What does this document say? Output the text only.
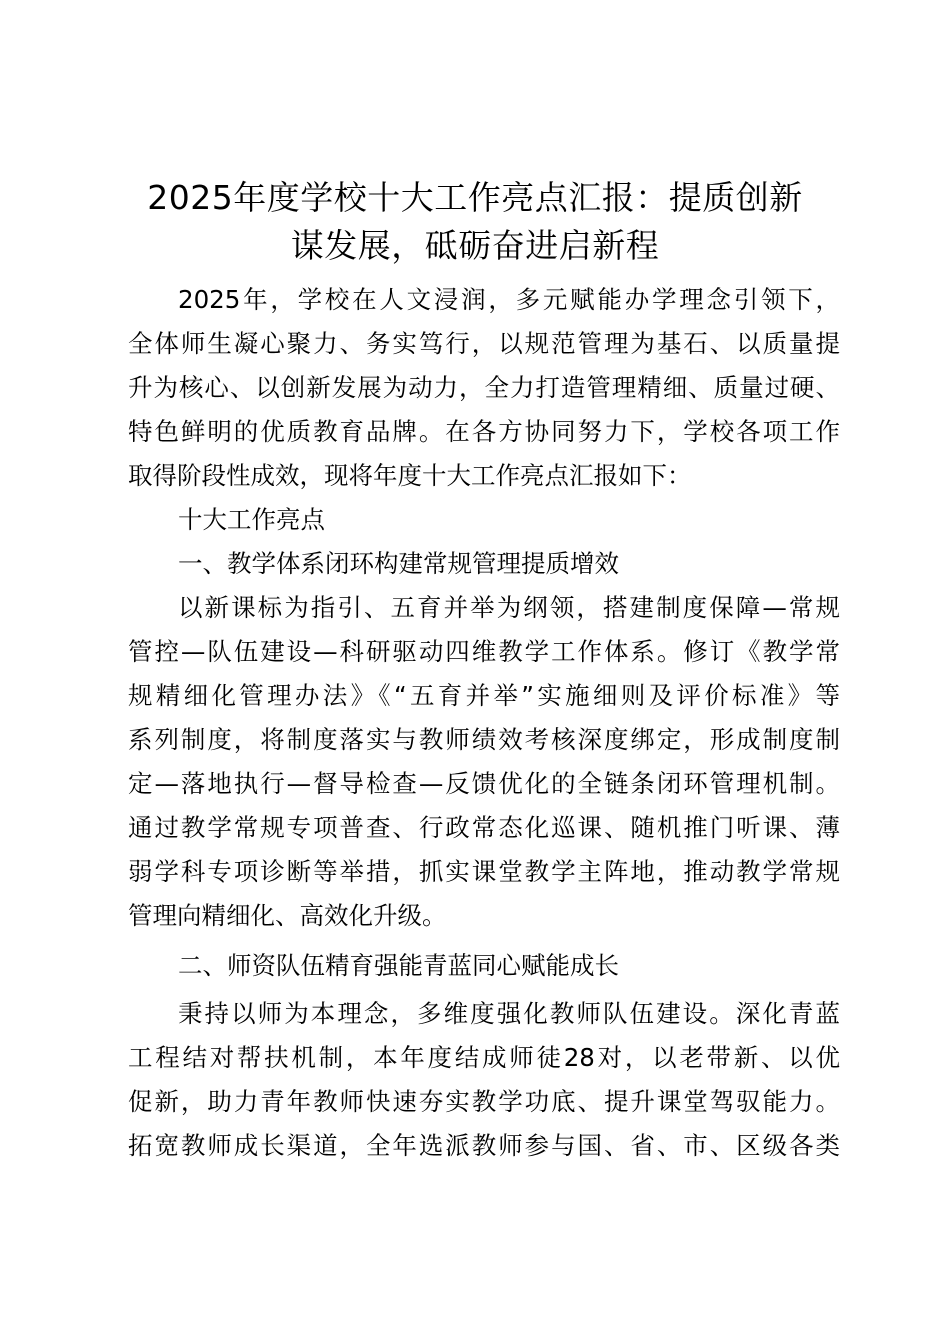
2025年度学校十大工作亮点汇报：提质创新
谋发展，砥砺奋进启新程

2025年，学校在人文浸润，多元赋能办学理念引领下，

全体师生凝心聚力、务实笃行，以规范管理为基石、以质量提

升为核心、以创新发展为动力，全力打造管理精细、质量过硬、

特色鲜明的优质教育品牌。在各方协同努力下，学校各项工作

取得阶段性成效，现将年度十大工作亮点汇报如下：

十大工作亮点

一、教学体系闭环构建常规管理提质增效

以新课标为指引、五育并举为纲领，搭建制度保障—常规

管控—队伍建设—科研驱动四维教学工作体系。修订《教学常

规精细化管理办法》《“五育并举”实施细则及评价标准》等

系列制度，将制度落实与教师绩效考核深度绑定，形成制度制

定—落地执行—督导检查—反馈优化的全链条闭环管理机制。

通过教学常规专项普查、行政常态化巡课、随机推门听课、薄

弱学科专项诊断等举措，抓实课堂教学主阵地，推动教学常规

管理向精细化、高效化升级。

二、师资队伍精育强能青蓝同心赋能成长

秉持以师为本理念，多维度强化教师队伍建设。深化青蓝

工程结对帮扶机制，本年度结成师徒28对，以老带新、以优

促新，助力青年教师快速夯实教学功底、提升课堂驾驭能力。

拓宽教师成长渠道，全年选派教师参与国、省、市、区级各类
